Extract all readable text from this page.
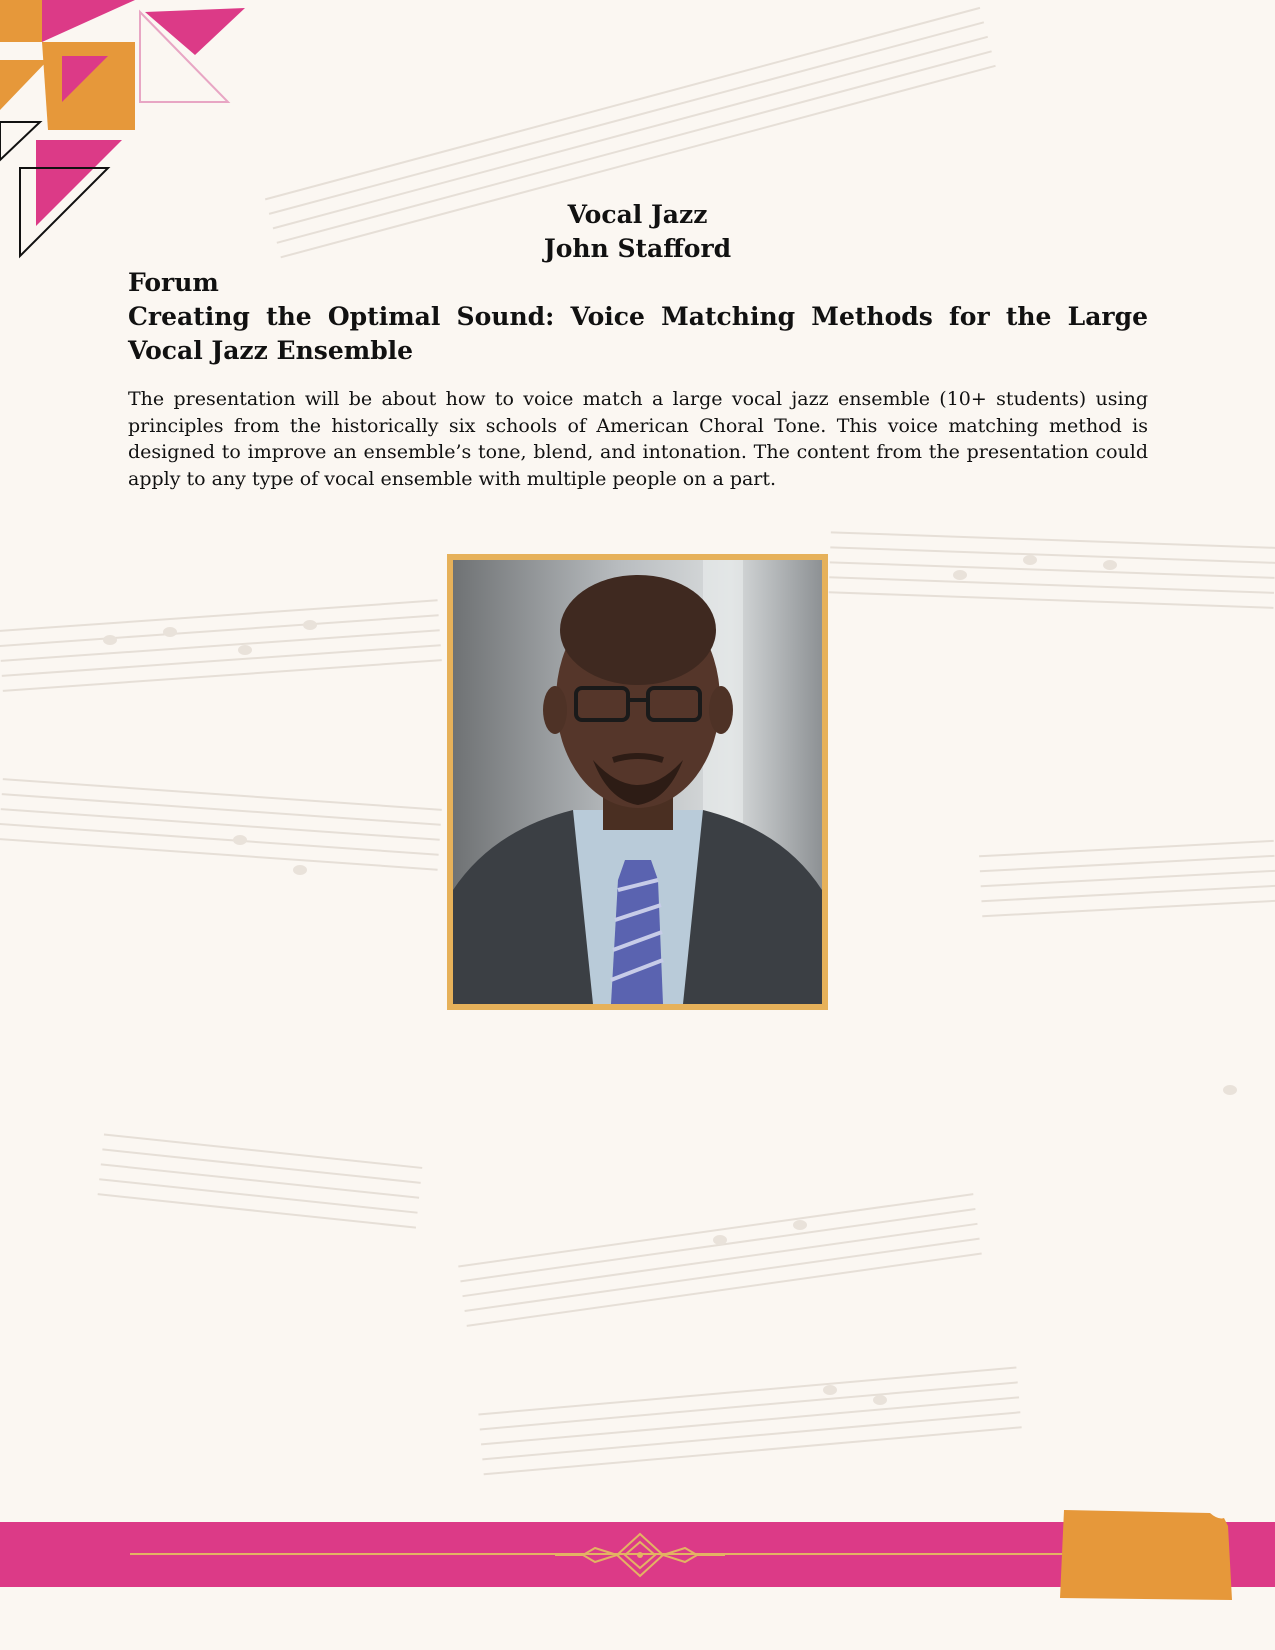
Vocal Jazz
John Stafford
Forum
Creating the Optimal Sound: Voice Matching Methods for the Large Vocal Jazz Ensemble
The presentation will be about how to voice match a large vocal jazz ensemble (10+ students) using principles from the historically six schools of American Choral Tone. This voice matching method is designed to improve an ensemble’s tone, blend, and intonation. The content from the presentation could apply to any type of vocal ensemble with multiple people on a part.
